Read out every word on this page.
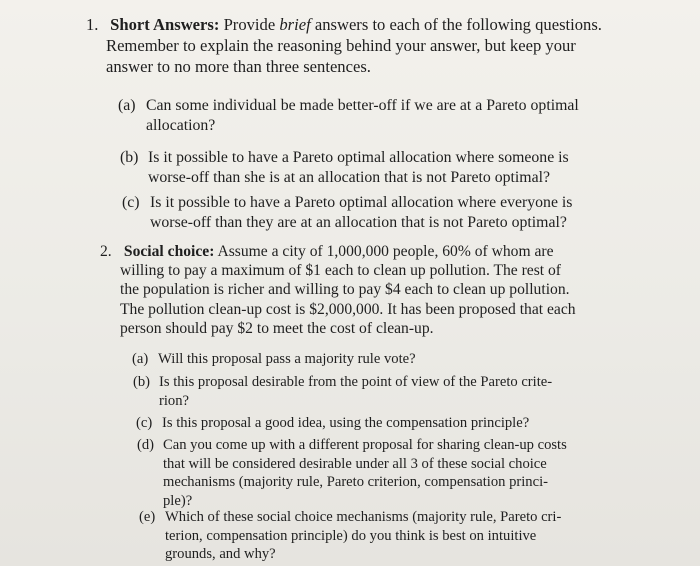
1. Short Answers: Provide brief answers to each of the following questions.
Remember to explain the reasoning behind your answer, but keep your
answer to no more than three sentences.
(a) Can some individual be made better-off if we are at a Pareto optimal
allocation?
(b) Is it possible to have a Pareto optimal allocation where someone is
worse-off than she is at an allocation that is not Pareto optimal?
(c) Is it possible to have a Pareto optimal allocation where everyone is
worse-off than they are at an allocation that is not Pareto optimal?
2. Social choice: Assume a city of 1,000,000 people, 60% of whom are
willing to pay a maximum of $1 each to clean up pollution. The rest of
the population is richer and willing to pay $4 each to clean up pollution.
The pollution clean-up cost is $2,000,000. It has been proposed that each
person should pay $2 to meet the cost of clean-up.
(a) Will this proposal pass a majority rule vote?
(b) Is this proposal desirable from the point of view of the Pareto crite-
rion?
(c) Is this proposal a good idea, using the compensation principle?
(d) Can you come up with a different proposal for sharing clean-up costs
that will be considered desirable under all 3 of these social choice
mechanisms (majority rule, Pareto criterion, compensation princi-
ple)?
(e) Which of these social choice mechanisms (majority rule, Pareto cri-
terion, compensation principle) do you think is best on intuitive
grounds, and why?
